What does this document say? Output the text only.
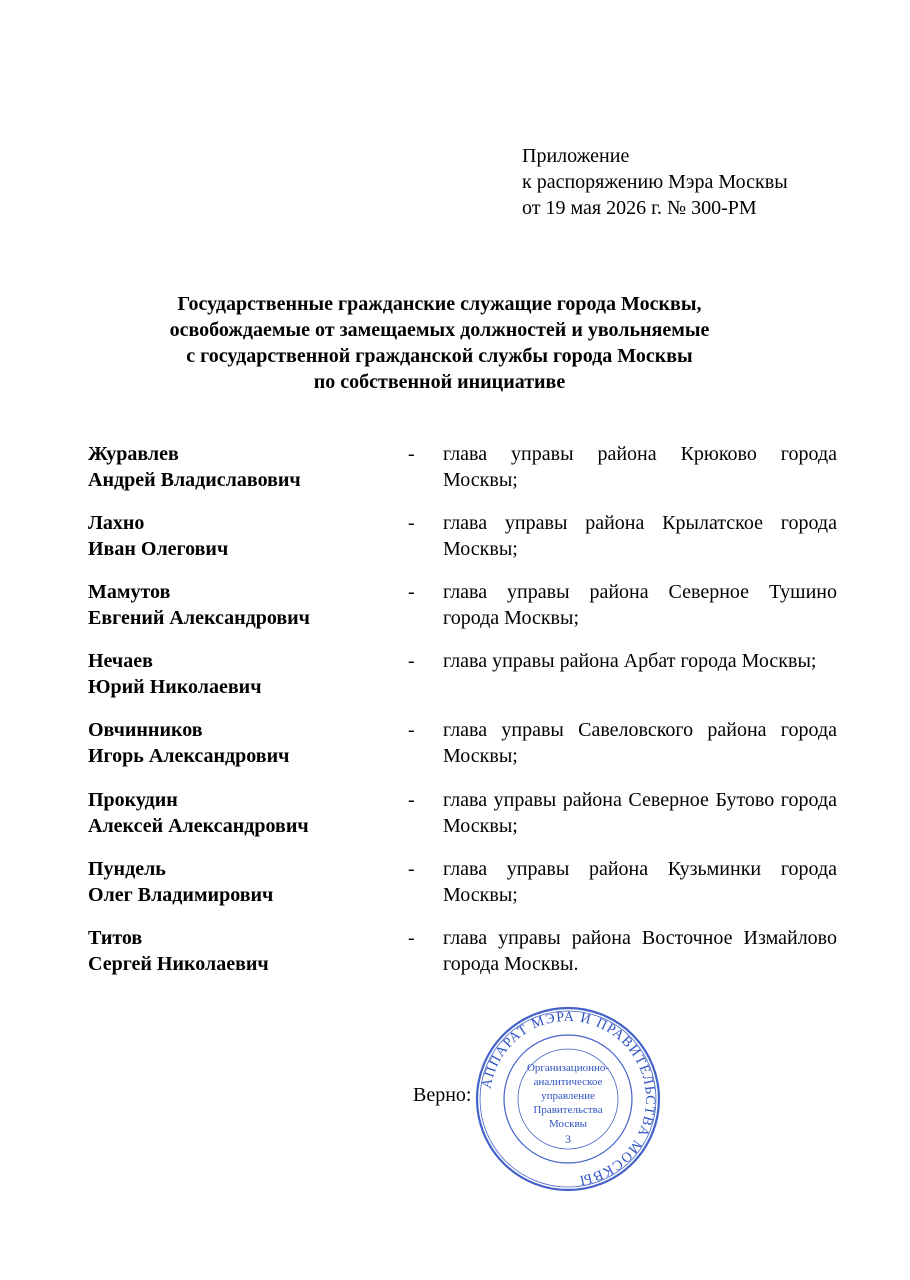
Приложение
к распоряжению Мэра Москвы
от 19 мая 2026 г. № 300-РМ
Государственные гражданские служащие города Москвы,
освобождаемые от замещаемых должностей и увольняемые
с государственной гражданской службы города Москвы
по собственной инициативе
Журавлев
Андрей Владиславович
- глава управы района Крюково города Москвы;
Лахно
Иван Олегович
- глава управы района Крылатское города Москвы;
Мамутов
Евгений Александрович
- глава управы района Северное Тушино города Москвы;
Нечаев
Юрий Николаевич
- глава управы района Арбат города Москвы;
Овчинников
Игорь Александрович
- глава управы Савеловского района города Москвы;
Прокудин
Алексей Александрович
- глава управы района Северное Бутово города Москвы;
Пундель
Олег Владимирович
- глава управы района Кузьминки города Москвы;
Титов
Сергей Николаевич
- глава управы района Восточное Измайлово города Москвы.
Верно:
АППАРАТ МЭРА И ПРАВИТЕЛЬСТВА МОСКВЫ
Организационно-
аналитическое
управление
Правительства
Москвы
3
